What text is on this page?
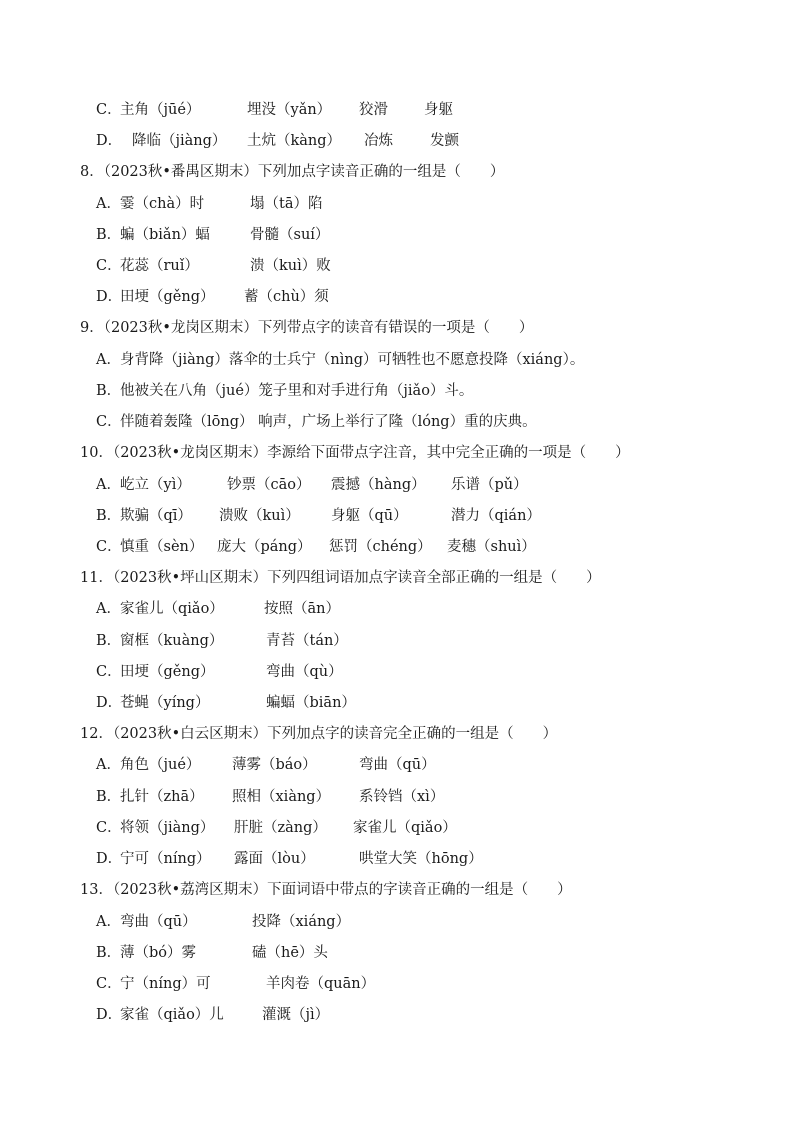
C．
主角（jūé）	埋没（yǎn） 狡滑 身躯
D． 降临（jiàng） 土炕（kàng） 冶炼	发颤
8．（2023秋•番禺区期末）下列加点字读音正确的一组是（　　）
A． 霎（chà）时	塌（tā）陷
B．
蝙（biǎn）蝠	骨髓（suí）
C．
花蕊（ruǐ）	溃（kuì）败
D．
田埂（gěng） 蓄（chù）须
9．（2023秋•龙岗区期末）下列带点字的读音有错误的一项是（　　）
A． 身背降（jiàng）落伞的士兵宁（nìng）可牺牲也不愿意投降（xiáng）。
B．
他被关在八角（jué）笼子里和对手进行角（jiǎo）斗。
C．
伴随着轰隆（lōng） 响声，广场上举行了隆（lóng）重的庆典。
10．（2023秋•龙岗区期末）李源给下面带点字注音，其中完全正确的一项是（　　）
A． 屹立（yì） 钞票（cāo） 震撼（hàng） 乐谱（pǔ）
B．
欺骗（qī） 溃败（kuì） 身躯（qū）	潜力（qián）
C．
慎重（sèn） 庞大（páng） 惩罚（chéng） 麦穗（shuì）
11．（2023秋•坪山区期末）下列四组词语加点字读音全部正确的一组是（　　）
A． 家雀儿（qiǎo）	按照（ān）
B．
窗框（kuàng）	青苔（tán）
C．
田埂（gěng）	弯曲（qù）
D．
苍蝇（yíng）	蝙蝠（biān）
12．（2023秋•白云区期末）下列加点字的读音完全正确的一组是（　　）
A． 角色（jué） 薄雾（báo）	弯曲（qū）
B．
扎针（zhā） 照相（xiàng） 系铃铛（xì）
C．
将领（jiàng） 肝脏（zàng） 家雀儿（qiǎo）
D．
宁可（níng） 露面（lòu）	哄堂大笑（hōng）
13．（2023秋•荔湾区期末）下面词语中带点的字读音正确的一组是（　　）
A． 弯曲（qū）	投降（xiáng）
B．
薄（bó）雾	磕（hē）头
C．
宁（níng）可	羊肉卷（quān）
D．
家雀（qiǎo）儿	灌溉（jì）
